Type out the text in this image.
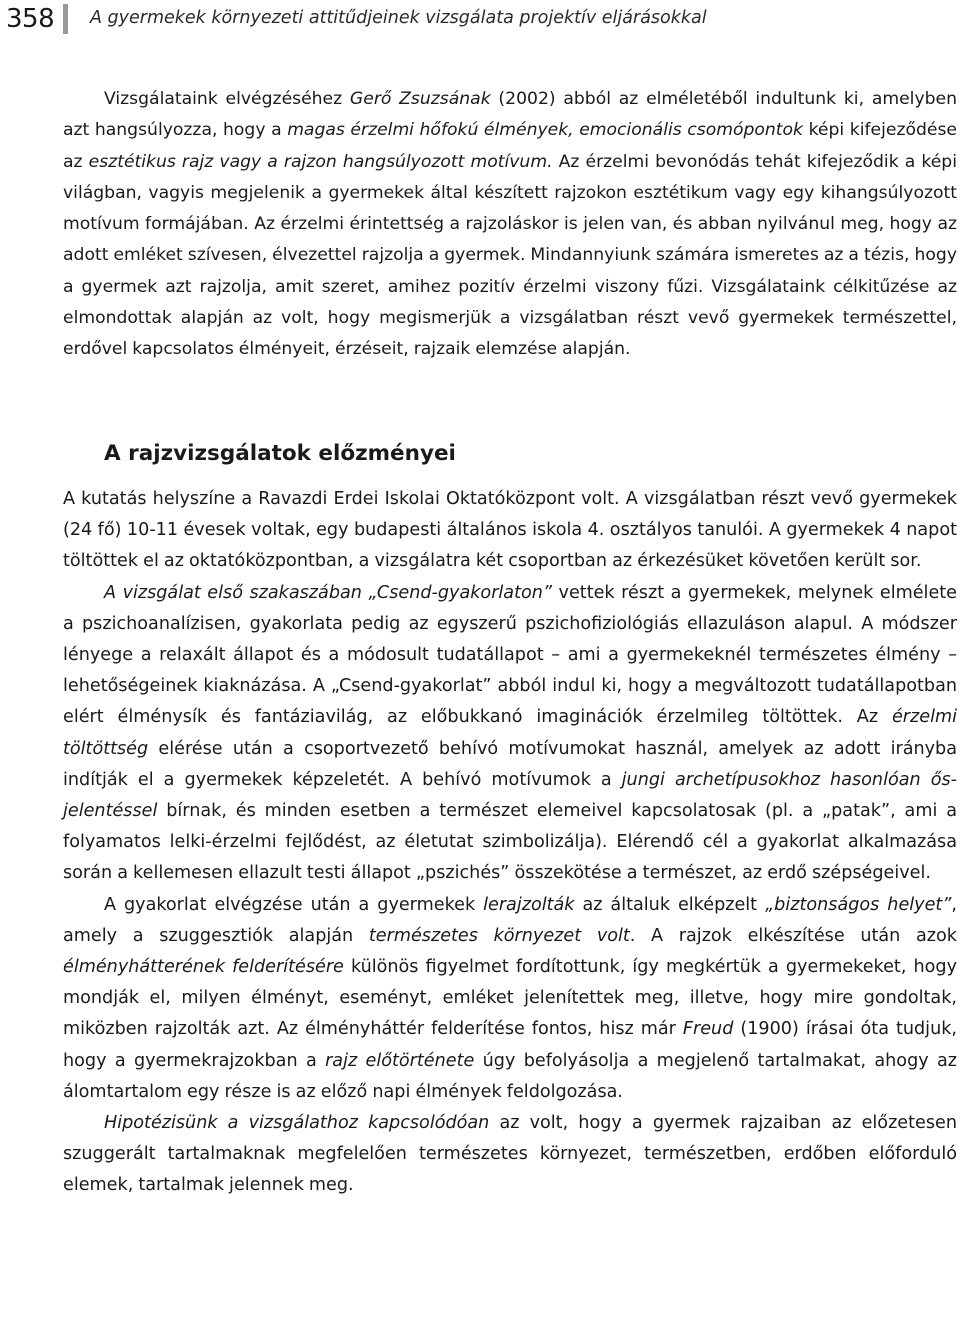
358 A gyermekek környezeti attitűdjeinek vizsgálata projektív eljárásokkal

Vizsgálataink elvégzéséhez Gerő Zsuzsának (2002) abból az elméletéből indultunk ki, amelyben azt hangsúlyozza, hogy a magas érzelmi hőfokú élmények, emocionális csomópontok képi kifejeződése az esztétikus rajz vagy a rajzon hangsúlyozott motívum. Az érzelmi bevonódás tehát kifejeződik a képi világban, vagyis megjelenik a gyermekek által készített rajzokon esztétikum vagy egy kihangsúlyozott motívum formájában. Az érzelmi érintettség a rajzoláskor is jelen van, és abban nyilvánul meg, hogy az adott emléket szívesen, élvezettel rajzolja a gyermek. Mindannyiunk számára ismeretes az a tézis, hogy a gyermek azt rajzolja, amit szeret, amihez pozitív érzelmi viszony fűzi. Vizsgálataink célkitűzése az elmondottak alapján az volt, hogy megismerjük a vizsgálatban részt vevő gyermekek természettel, erdővel kapcsolatos élményeit, érzéseit, rajzaik elemzése alapján.

A rajzvizsgálatok előzményei

A kutatás helyszíne a Ravazdi Erdei Iskolai Oktatóközpont volt. A vizsgálatban részt vevő gyermekek (24 fő) 10-11 évesek voltak, egy budapesti általános iskola 4. osztályos tanulói. A gyermekek 4 napot töltöttek el az oktatóközpontban, a vizsgálatra két csoportban az érkezésüket követően került sor.

A vizsgálat első szakaszában „Csend-gyakorlaton” vettek részt a gyermekek, melynek elmélete a pszichoanalízisen, gyakorlata pedig az egyszerű pszichofiziológiás ellazuláson alapul. A módszer lényege a relaxált állapot és a módosult tudatállapot – ami a gyermekeknél természetes élmény – lehetőségeinek kiaknázása. A „Csend-gyakorlat” abból indul ki, hogy a megváltozott tudatállapotban elért élménysík és fantáziavilág, az előbukkanó imaginációk érzelmileg töltöttek. Az érzelmi töltöttség elérése után a csoportvezető behívó motívumokat használ, amelyek az adott irányba indítják el a gyermekek képzeletét. A behívó motívumok a jungi archetípusokhoz hasonlóan ős-jelentéssel bírnak, és minden esetben a természet elemeivel kapcsolatosak (pl. a „patak”, ami a folyamatos lelki-érzelmi fejlődést, az életutat szimbolizálja). Elérendő cél a gyakorlat alkalmazása során a kellemesen ellazult testi állapot „pszichés” összekötése a természet, az erdő szépségeivel.

A gyakorlat elvégzése után a gyermekek lerajzolták az általuk elképzelt „biztonságos helyet”, amely a szuggesztiók alapján természetes környezet volt. A rajzok elkészítése után azok élményhátterének felderítésére különös figyelmet fordítottunk, így megkértük a gyermekeket, hogy mondják el, milyen élményt, eseményt, emléket jelenítettek meg, illetve, hogy mire gondoltak, miközben rajzolták azt. Az élményháttér felderítése fontos, hisz már Freud (1900) írásai óta tudjuk, hogy a gyermekrajzokban a rajz előtörténete úgy befolyásolja a megjelenő tartalmakat, ahogy az álomtartalom egy része is az előző napi élmények feldolgozása.

Hipotézisünk a vizsgálathoz kapcsolódóan az volt, hogy a gyermek rajzaiban az előzetesen szuggerált tartalmaknak megfelelően természetes környezet, természetben, erdőben előforduló elemek, tartalmak jelennek meg.
